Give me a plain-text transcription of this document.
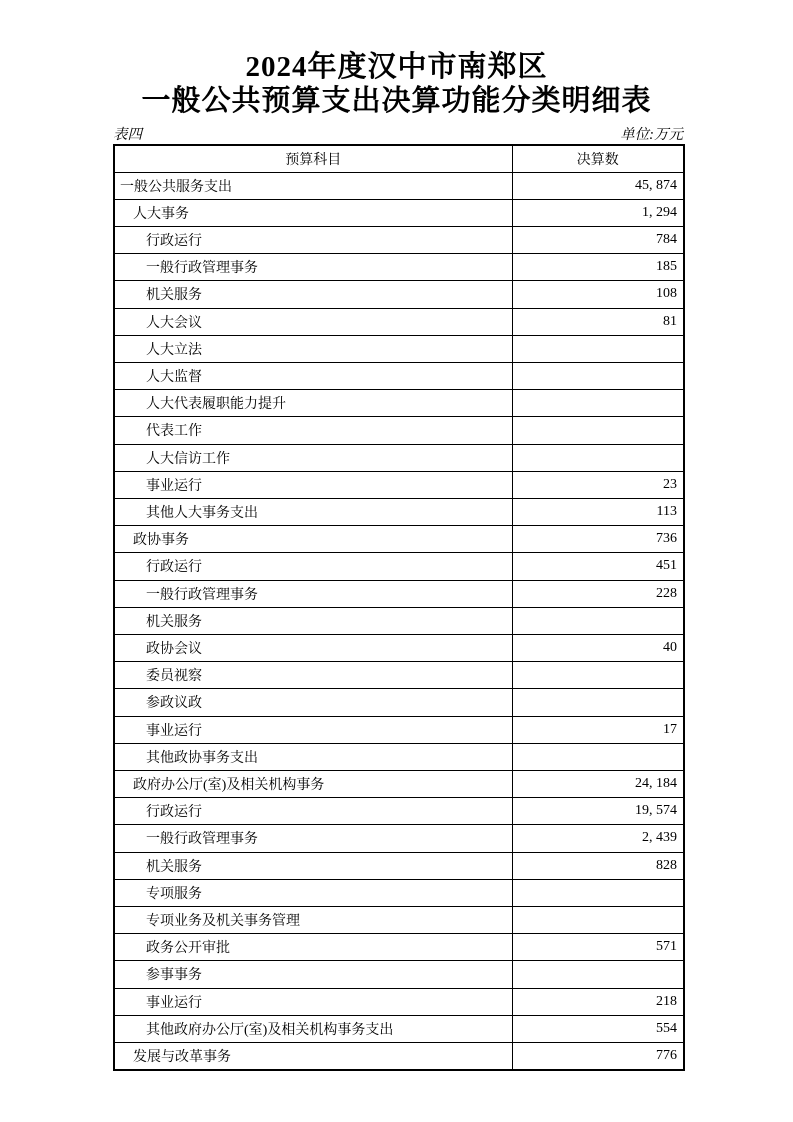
2024年度汉中市南郑区
一般公共预算支出决算功能分类明细表
表四	单位:万元
预算科目	决算数
一般公共服务支出	45, 874
人大事务	1, 294
行政运行	784
一般行政管理事务	185
机关服务	108
人大会议	81
人大立法	
人大监督	
人大代表履职能力提升	
代表工作	
人大信访工作	
事业运行	23
其他人大事务支出	113
政协事务	736
行政运行	451
一般行政管理事务	228
机关服务	
政协会议	40
委员视察	
参政议政	
事业运行	17
其他政协事务支出	
政府办公厅(室)及相关机构事务	24, 184
行政运行	19, 574
一般行政管理事务	2, 439
机关服务	828
专项服务	
专项业务及机关事务管理	
政务公开审批	571
参事事务	
事业运行	218
其他政府办公厅(室)及相关机构事务支出	554
发展与改革事务	776
